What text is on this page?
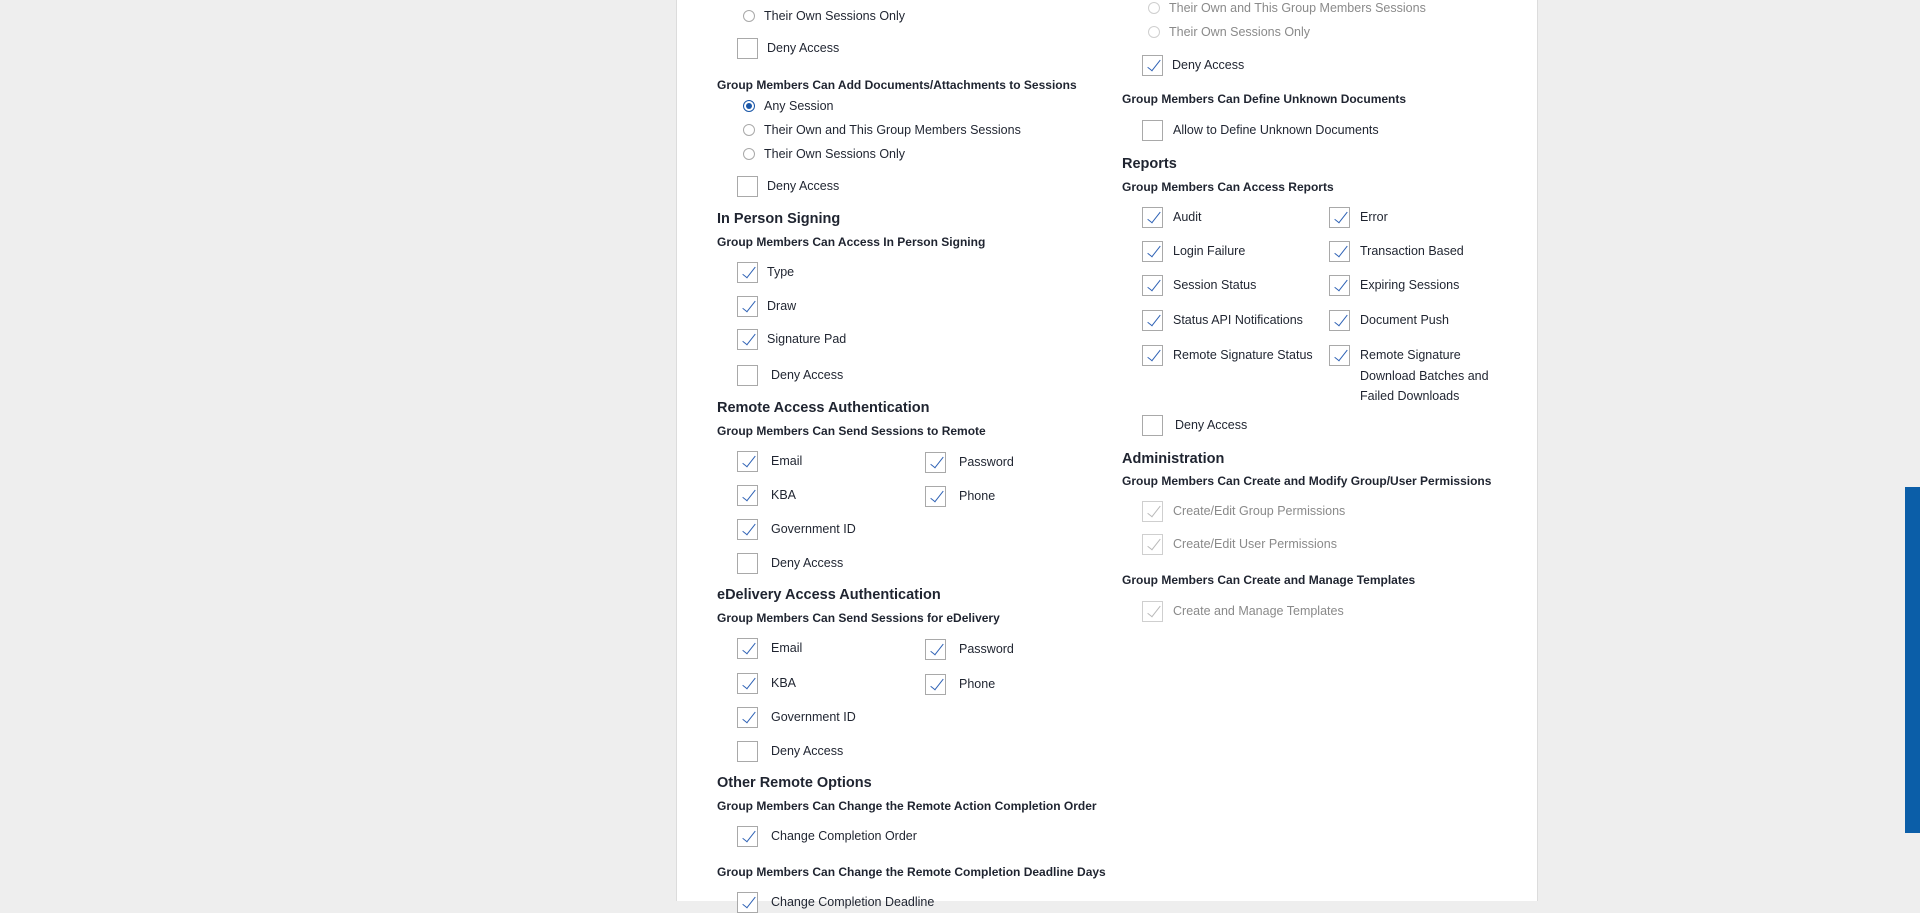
Their Own Sessions Only
Deny Access
Group Members Can Add Documents/Attachments to Sessions
Any Session
Their Own and This Group Members Sessions
Their Own Sessions Only
Deny Access
In Person Signing
Group Members Can Access In Person Signing
Type
Draw
Signature Pad
Deny Access
Remote Access Authentication
Group Members Can Send Sessions to Remote
Email	Password
KBA	Phone
Government ID
Deny Access
eDelivery Access Authentication
Group Members Can Send Sessions for eDelivery
Email	Password
KBA	Phone
Government ID
Deny Access
Other Remote Options
Group Members Can Change the Remote Action Completion Order
Change Completion Order
Group Members Can Change the Remote Completion Deadline Days
Change Completion Deadline
Their Own and This Group Members Sessions
Their Own Sessions Only
Deny Access
Group Members Can Define Unknown Documents
Allow to Define Unknown Documents
Reports
Group Members Can Access Reports
Audit	Error
Login Failure	Transaction Based
Session Status	Expiring Sessions
Status API Notifications	Document Push
Remote Signature Status	Remote Signature Download Batches and Failed Downloads
Deny Access
Administration
Group Members Can Create and Modify Group/User Permissions
Create/Edit Group Permissions
Create/Edit User Permissions
Group Members Can Create and Manage Templates
Create and Manage Templates
